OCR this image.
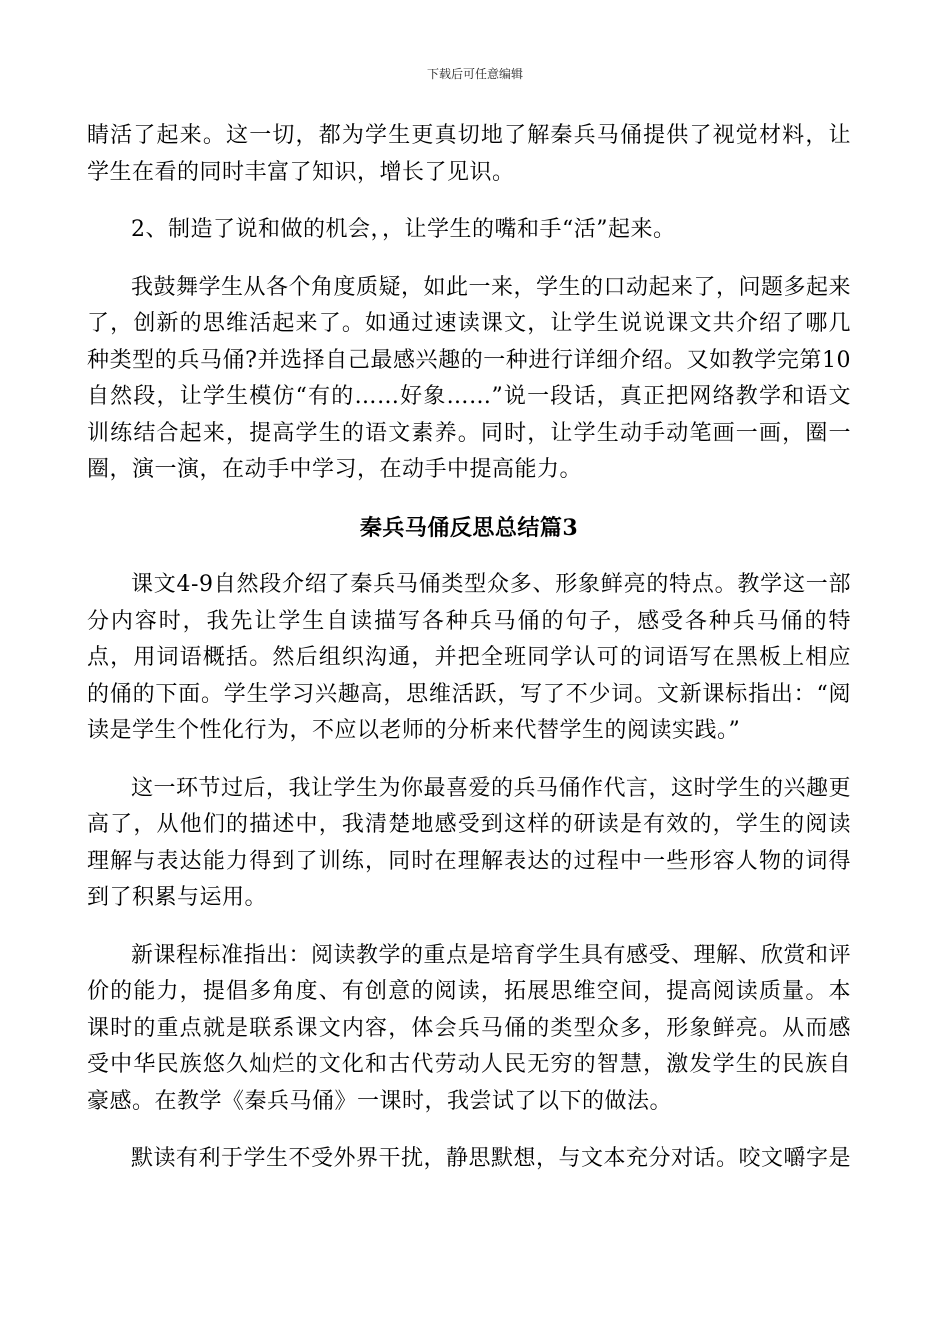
下载后可任意编辑

睛活了起来。这一切，都为学生更真切地了解秦兵马俑提供了视觉材料，让学生在看的同时丰富了知识，增长了见识。

2、制造了说和做的机会，，让学生的嘴和手“活”起来。

我鼓舞学生从各个角度质疑，如此一来，学生的口动起来了，问题多起来了，创新的思维活起来了。如通过速读课文，让学生说说课文共介绍了哪几种类型的兵马俑?并选择自己最感兴趣的一种进行详细介绍。又如教学完第10自然段，让学生模仿“有的……好象……”说一段话，真正把网络教学和语文训练结合起来，提高学生的语文素养。同时，让学生动手动笔画一画，圈一圈，演一演，在动手中学习，在动手中提高能力。

秦兵马俑反思总结篇3

课文4-9自然段介绍了秦兵马俑类型众多、形象鲜亮的特点。教学这一部分内容时，我先让学生自读描写各种兵马俑的句子，感受各种兵马俑的特点，用词语概括。然后组织沟通，并把全班同学认可的词语写在黑板上相应的俑的下面。学生学习兴趣高，思维活跃，写了不少词。文新课标指出：“阅读是学生个性化行为，不应以老师的分析来代替学生的阅读实践。”

这一环节过后，我让学生为你最喜爱的兵马俑作代言，这时学生的兴趣更高了，从他们的描述中，我清楚地感受到这样的研读是有效的，学生的阅读理解与表达能力得到了训练，同时在理解表达的过程中一些形容人物的词得到了积累与运用。

新课程标准指出：阅读教学的重点是培育学生具有感受、理解、欣赏和评价的能力，提倡多角度、有创意的阅读，拓展思维空间，提高阅读质量。本课时的重点就是联系课文内容，体会兵马俑的类型众多，形象鲜亮。从而感受中华民族悠久灿烂的文化和古代劳动人民无穷的智慧，激发学生的民族自豪感。在教学《秦兵马俑》一课时，我尝试了以下的做法。

默读有利于学生不受外界干扰，静思默想，与文本充分对话。咬文嚼字是
